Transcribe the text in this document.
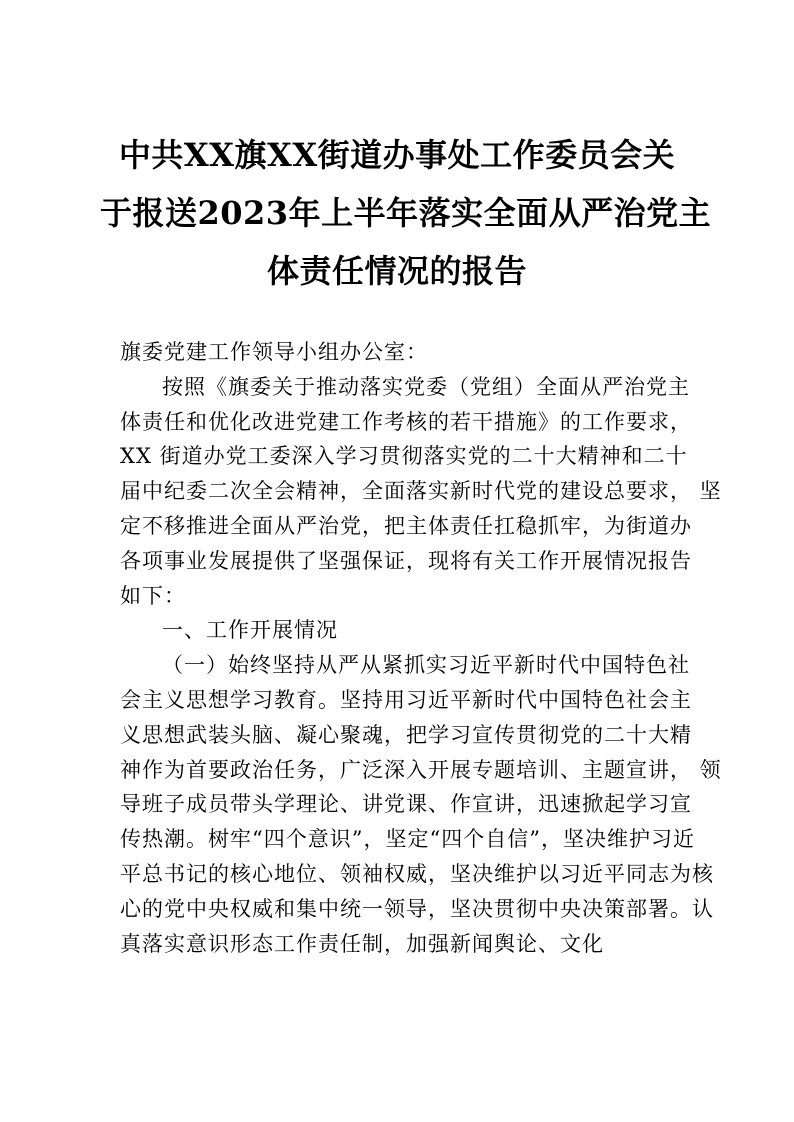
中共XX旗XX街道办事处工作委员会关
于报送2023年上半年落实全面从严治党主
体责任情况的报告
旗委党建工作领导小组办公室：
按照《旗委关于推动落实党委（党组）全面从严治党主
体责任和优化改进党建工作考核的若干措施》的工作要求，
XX 街道办党工委深入学习贯彻落实党的二十大精神和二十
届中纪委二次全会精神，全面落实新时代党的建设总要求， 坚
定不移推进全面从严治党，把主体责任扛稳抓牢，为街道办
各项事业发展提供了坚强保证，现将有关工作开展情况报告
如下：
一、工作开展情况
（一）始终坚持从严从紧抓实习近平新时代中国特色社
会主义思想学习教育。坚持用习近平新时代中国特色社会主
义思想武装头脑、凝心聚魂，把学习宣传贯彻党的二十大精
神作为首要政治任务，广泛深入开展专题培训、主题宣讲， 领
导班子成员带头学理论、讲党课、作宣讲，迅速掀起学习宣
传热潮。树牢“四个意识”，坚定“四个自信”，坚决维护习近
平总书记的核心地位、领袖权威，坚决维护以习近平同志为核
心的党中央权威和集中统一领导，坚决贯彻中央决策部署。认
真落实意识形态工作责任制，加强新闻舆论、文化
